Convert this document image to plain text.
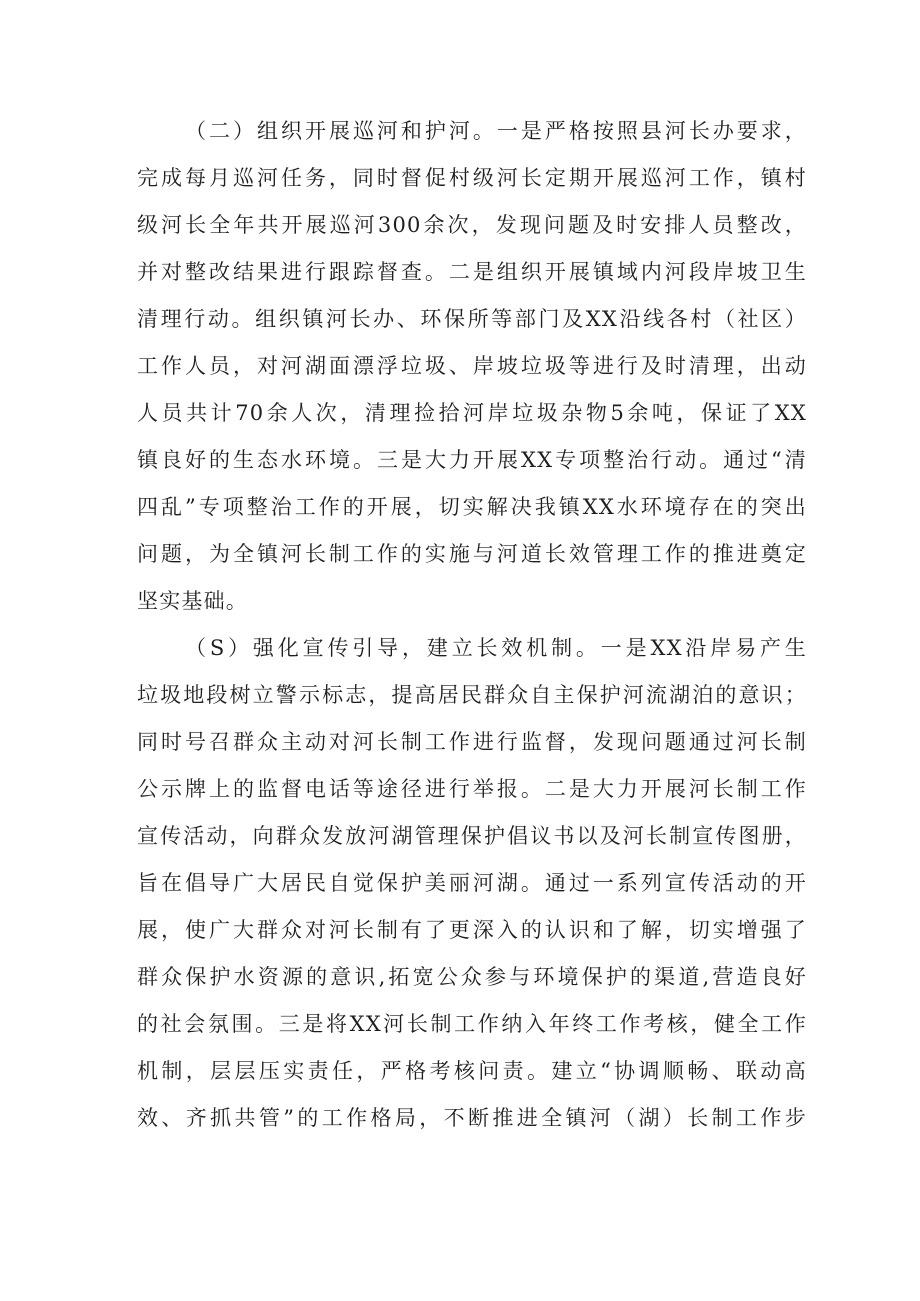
（二）组织开展巡河和护河。一是严格按照县河长办要求，
完成每月巡河任务，同时督促村级河长定期开展巡河工作，镇村
级河长全年共开展巡河300余次，发现问题及时安排人员整改，
并对整改结果进行跟踪督查。二是组织开展镇域内河段岸坡卫生
清理行动。组织镇河长办、环保所等部门及XX沿线各村（社区）
工作人员，对河湖面漂浮垃圾、岸坡垃圾等进行及时清理，出动
人员共计70余人次，清理捡拾河岸垃圾杂物5余吨，保证了XX
镇良好的生态水环境。三是大力开展XX专项整治行动。通过“清
四乱”专项整治工作的开展，切实解决我镇XX水环境存在的突出
问题，为全镇河长制工作的实施与河道长效管理工作的推进奠定
坚实基础。
（S）强化宣传引导，建立长效机制。一是XX沿岸易产生
垃圾地段树立警示标志，提高居民群众自主保护河流湖泊的意识；
同时号召群众主动对河长制工作进行监督，发现问题通过河长制
公示牌上的监督电话等途径进行举报。二是大力开展河长制工作
宣传活动，向群众发放河湖管理保护倡议书以及河长制宣传图册，
旨在倡导广大居民自觉保护美丽河湖。通过一系列宣传活动的开
展，使广大群众对河长制有了更深入的认识和了解，切实增强了
群众保护水资源的意识,拓宽公众参与环境保护的渠道,营造良好
的社会氛围。三是将XX河长制工作纳入年终工作考核，健全工作
机制，层层压实责任，严格考核问责。建立“协调顺畅、联动高
效、齐抓共管”的工作格局，不断推进全镇河（湖）长制工作步
